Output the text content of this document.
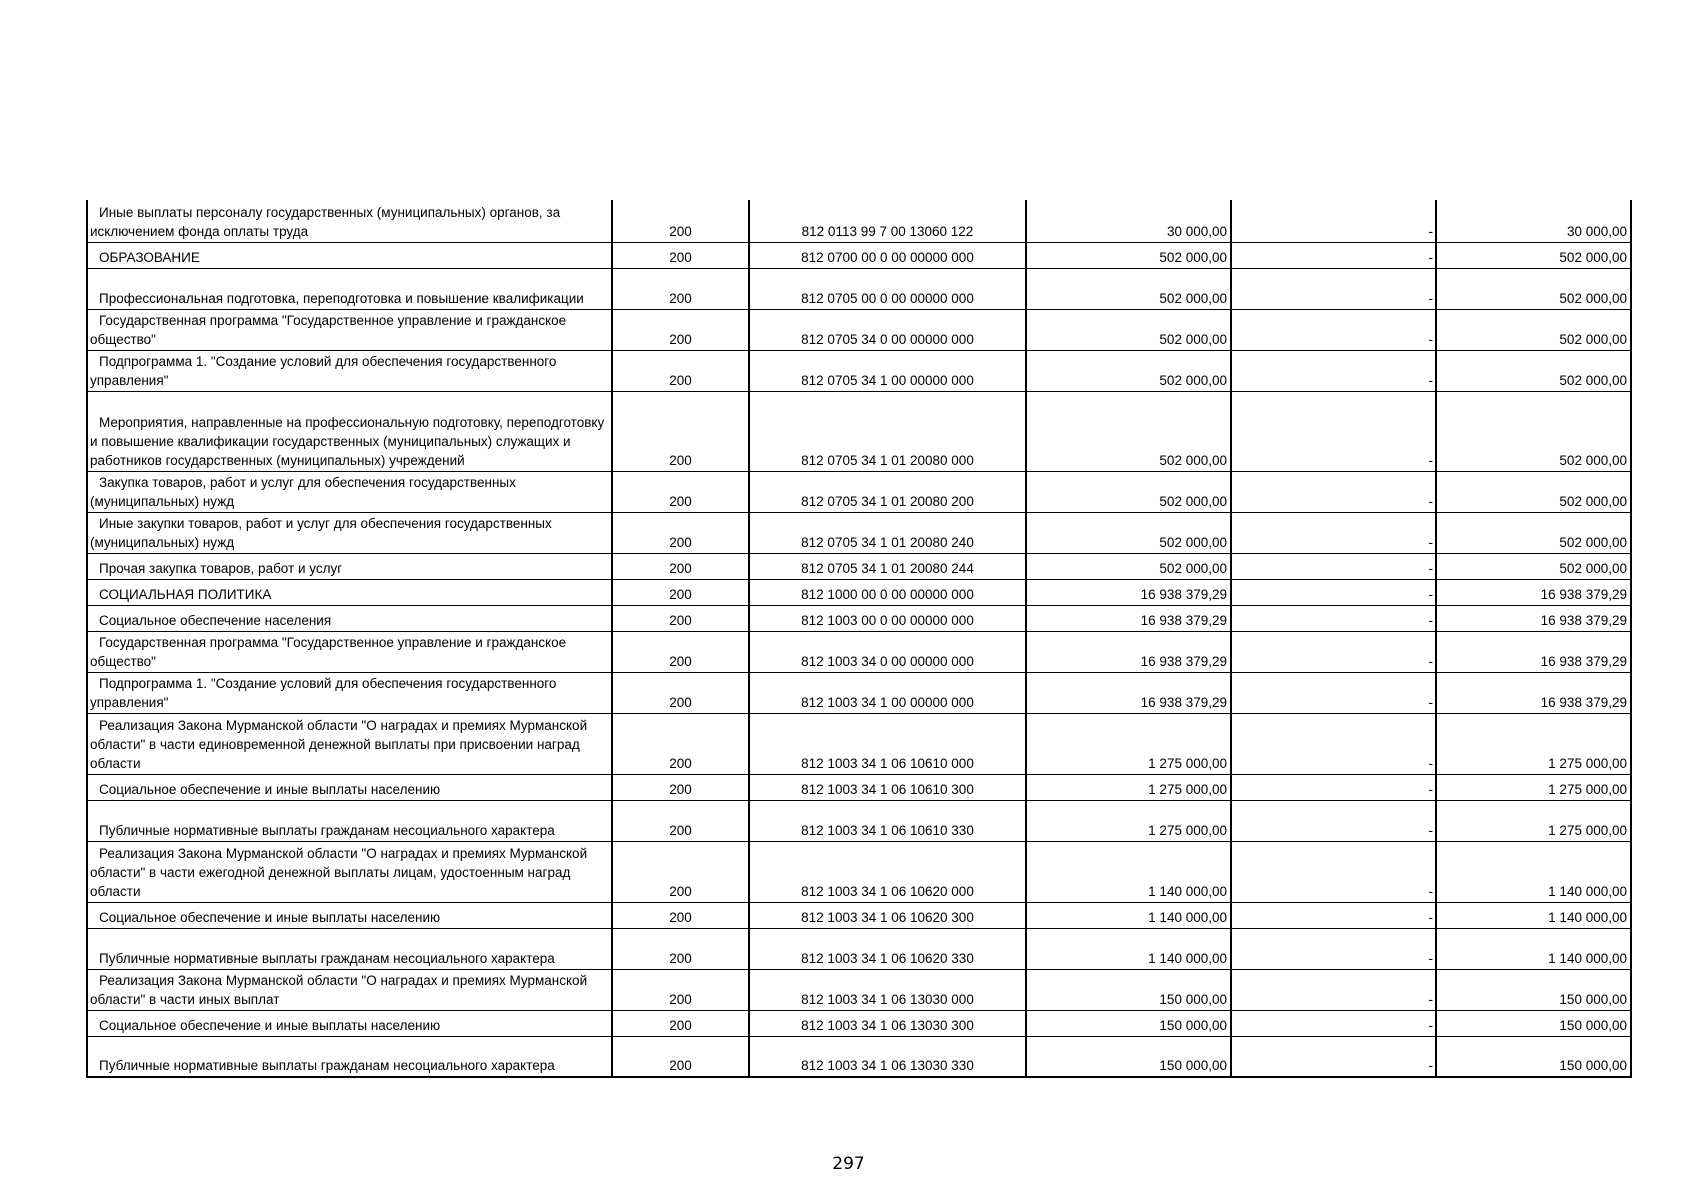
Иные выплаты персоналу государственных (муниципальных) органов, за исключением фонда оплаты труда	200	812 0113 99 7 00 13060 122	30 000,00	-	30 000,00
ОБРАЗОВАНИЕ	200	812 0700 00 0 00 00000 000	502 000,00	-	502 000,00
Профессиональная подготовка, переподготовка и повышение квалификации	200	812 0705 00 0 00 00000 000	502 000,00	-	502 000,00
Государственная программа "Государственное управление и гражданское общество"	200	812 0705 34 0 00 00000 000	502 000,00	-	502 000,00
Подпрограмма 1. "Создание условий для обеспечения государственного управления"	200	812 0705 34 1 00 00000 000	502 000,00	-	502 000,00
Мероприятия, направленные на профессиональную подготовку, переподготовку и повышение квалификации государственных (муниципальных) служащих и работников государственных (муниципальных) учреждений	200	812 0705 34 1 01 20080 000	502 000,00	-	502 000,00
Закупка товаров, работ и услуг для обеспечения государственных (муниципальных) нужд	200	812 0705 34 1 01 20080 200	502 000,00	-	502 000,00
Иные закупки товаров, работ и услуг для обеспечения государственных (муниципальных) нужд	200	812 0705 34 1 01 20080 240	502 000,00	-	502 000,00
Прочая закупка товаров, работ и услуг	200	812 0705 34 1 01 20080 244	502 000,00	-	502 000,00
СОЦИАЛЬНАЯ ПОЛИТИКА	200	812 1000 00 0 00 00000 000	16 938 379,29	-	16 938 379,29
Социальное обеспечение населения	200	812 1003 00 0 00 00000 000	16 938 379,29	-	16 938 379,29
Государственная программа "Государственное управление и гражданское общество"	200	812 1003 34 0 00 00000 000	16 938 379,29	-	16 938 379,29
Подпрограмма 1. "Создание условий для обеспечения государственного управления"	200	812 1003 34 1 00 00000 000	16 938 379,29	-	16 938 379,29
Реализация Закона Мурманской области "О наградах и премиях Мурманской области" в части единовременной денежной выплаты при присвоении наград области	200	812 1003 34 1 06 10610 000	1 275 000,00	-	1 275 000,00
Социальное обеспечение и иные выплаты населению	200	812 1003 34 1 06 10610 300	1 275 000,00	-	1 275 000,00
Публичные нормативные выплаты гражданам несоциального характера	200	812 1003 34 1 06 10610 330	1 275 000,00	-	1 275 000,00
Реализация Закона Мурманской области "О наградах и премиях Мурманской области" в части ежегодной денежной выплаты лицам, удостоенным наград области	200	812 1003 34 1 06 10620 000	1 140 000,00	-	1 140 000,00
Социальное обеспечение и иные выплаты населению	200	812 1003 34 1 06 10620 300	1 140 000,00	-	1 140 000,00
Публичные нормативные выплаты гражданам несоциального характера	200	812 1003 34 1 06 10620 330	1 140 000,00	-	1 140 000,00
Реализация Закона Мурманской области "О наградах и премиях Мурманской области" в части иных выплат	200	812 1003 34 1 06 13030 000	150 000,00	-	150 000,00
Социальное обеспечение и иные выплаты населению	200	812 1003 34 1 06 13030 300	150 000,00	-	150 000,00
Публичные нормативные выплаты гражданам несоциального характера	200	812 1003 34 1 06 13030 330	150 000,00	-	150 000,00
297
